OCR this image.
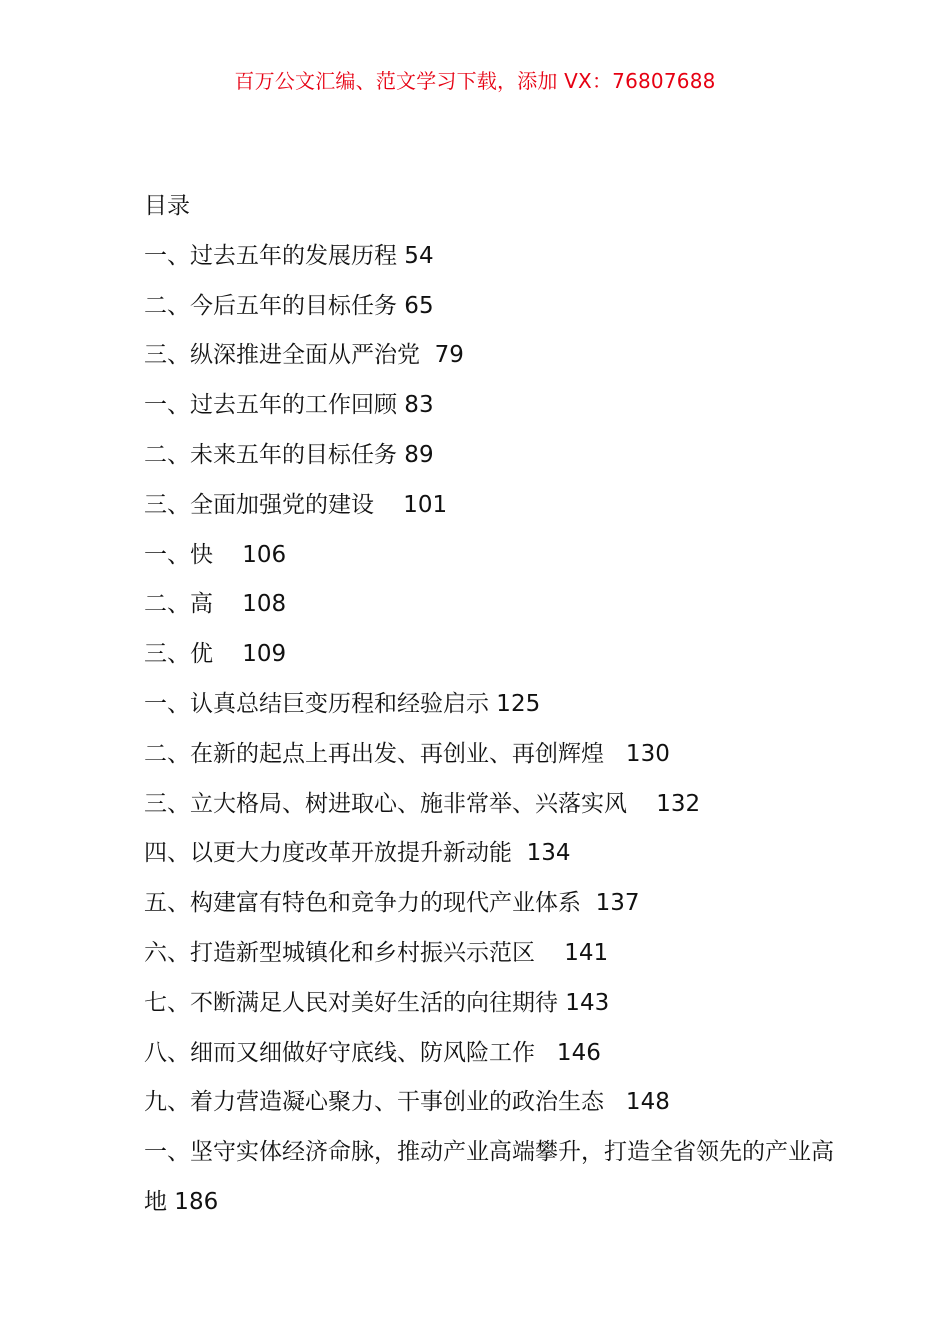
百万公文汇编、范文学习下载，添加 VX：76807688
目录
一、过去五年的发展历程 54
二、今后五年的目标任务 65
三、纵深推进全面从严治党  79
一、过去五年的工作回顾 83
二、未来五年的目标任务 89
三、全面加强党的建设    101
一、快    106
二、高    108
三、优    109
一、认真总结巨变历程和经验启示 125
二、在新的起点上再出发、再创业、再创辉煌   130
三、立大格局、树进取心、施非常举、兴落实风    132
四、以更大力度改革开放提升新动能  134
五、构建富有特色和竞争力的现代产业体系  137
六、打造新型城镇化和乡村振兴示范区    141
七、不断满足人民对美好生活的向往期待 143
八、细而又细做好守底线、防风险工作   146
九、着力营造凝心聚力、干事创业的政治生态   148
一、坚守实体经济命脉，推动产业高端攀升，打造全省领先的产业高地 186
